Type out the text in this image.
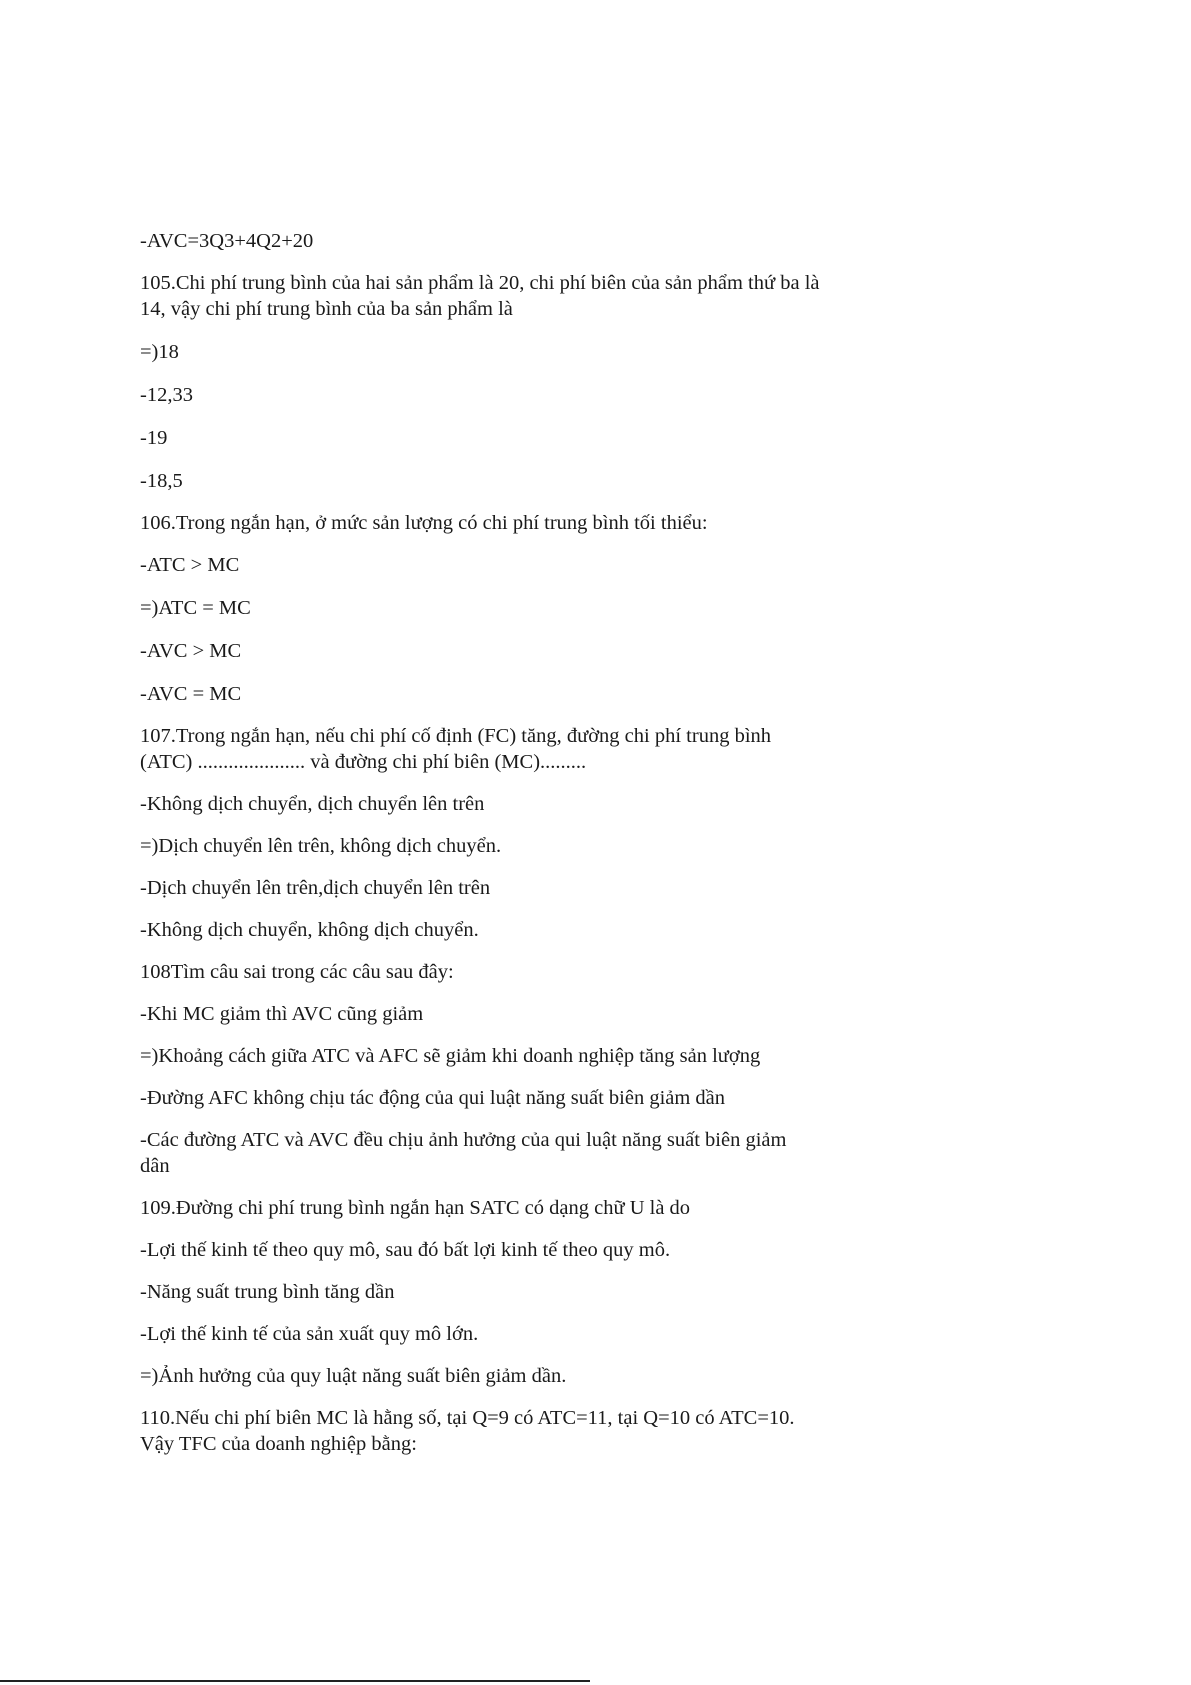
-AVC=3Q3+4Q2+20

105.Chi phí trung bình của hai sản phẩm là 20, chi phí biên của sản phẩm thứ ba là 14, vậy chi phí trung bình của ba sản phẩm là

=)18

-12,33

-19

-18,5

106.Trong ngắn hạn, ở mức sản lượng có chi phí trung bình tối thiểu:

-ATC > MC

=)ATC = MC

-AVC > MC

-AVC = MC

107.Trong ngắn hạn, nếu chi phí cố định (FC) tăng, đường chi phí trung bình (ATC) ..................... và đường chi phí biên (MC).........

-Không dịch chuyển, dịch chuyển lên trên

=)Dịch chuyển lên trên, không dịch chuyển.

-Dịch chuyển lên trên,dịch chuyển lên trên

-Không dịch chuyển, không dịch chuyển.

108Tìm câu sai trong các câu sau đây:

-Khi MC giảm thì AVC cũng giảm

=)Khoảng cách giữa ATC và AFC sẽ giảm khi doanh nghiệp tăng sản lượng

-Đường AFC không chịu tác động của qui luật năng suất biên giảm dần

-Các đường ATC và AVC đều chịu ảnh hưởng của qui luật năng suất biên giảm dân

109.Đường chi phí trung bình ngắn hạn SATC có dạng chữ U là do

-Lợi thế kinh tế theo quy mô, sau đó bất lợi kinh tế theo quy mô.

-Năng suất trung bình tăng dần

-Lợi thế kinh tế của sản xuất quy mô lớn.

=)Ảnh hưởng của quy luật năng suất biên giảm dần.

110.Nếu chi phí biên MC là hằng số, tại Q=9 có ATC=11, tại Q=10 có ATC=10. Vậy TFC của doanh nghiệp bằng:
